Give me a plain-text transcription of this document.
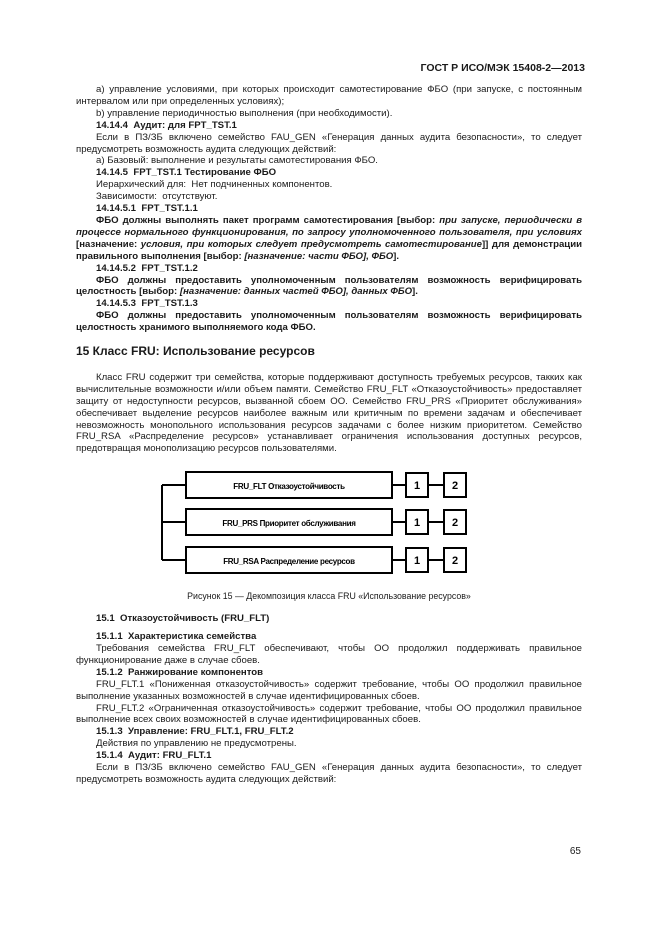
ГОСТ Р ИСО/МЭК 15408-2—2013

a) управление условиями, при которых происходит самотестирование ФБО (при запуске, с постоянным интервалом или при определенных условиях);

b) управление периодичностью выполнения (при необходимости).

14.14.4  Аудит: для FPT_TST.1

Если в ПЗ/ЗБ включено семейство FAU_GEN «Генерация данных аудита безопасности», то следует предусмотреть возможность аудита следующих действий:

a) Базовый: выполнение и результаты самотестирования ФБО.

14.14.5  FPT_TST.1 Тестирование ФБО

Иерархический для:  Нет подчиненных компонентов.

Зависимости:  отсутствуют.

14.14.5.1  FPT_TST.1.1

ФБО должны выполнять пакет программ самотестирования [выбор: при запуске, периодически в процессе нормального функционирования, по запросу уполномоченного пользователя, при условиях [назначение: условия, при которых следует предусмотреть самотестирование]] для демонстрации правильного выполнения [выбор: [назначение: части ФБО], ФБО].

14.14.5.2  FPT_TST.1.2

ФБО должны предоставить уполномоченным пользователям возможность верифицировать целостность [выбор: [назначение: данных частей ФБО], данных ФБО].

14.14.5.3  FPT_TST.1.3

ФБО должны предоставить уполномоченным пользователям возможность верифицировать целостность хранимого выполняемого кода ФБО.

15 Класс FRU: Использование ресурсов

Класс FRU содержит три семейства, которые поддерживают доступность требуемых ресурсов, такких как вычислительные возможности и/или объем памяти. Семейство FRU_FLT «Отказоустойчивость» предоставляет защиту от недоступности ресурсов, вызванной сбоем ОО. Семейство FRU_PRS «Приоритет обслуживания» обеспечивает выделение ресурсов наиболее важным или критичным по времени задачам и обеспечивает невозможность монопольного использования ресурсов задачами с более низким приоритетом. Семейство FRU_RSA «Распределение ресурсов» устанавливает ограничения использования доступных ресурсов, предотвращая монополизацию ресурсов пользователями.

FRU_FLT Отказоустойчивость	1	2
FRU_PRS Приоритет обслуживания	1	2
FRU_RSA Распределение ресурсов	1	2

Рисунок 15 — Декомпозиция класса FRU «Использование ресурсов»

15.1  Отказоустойчивость (FRU_FLT)

15.1.1  Характеристика семейства

Требования семейства FRU_FLT обеспечивают, чтобы ОО продолжил поддерживать правильное функционирование даже в случае сбоев.

15.1.2  Ранжирование компонентов

FRU_FLT.1 «Пониженная отказоустойчивость» содержит требование, чтобы ОО продолжил правильное выполнение указанных возможностей в случае идентифицированных сбоев.

FRU_FLT.2 «Ограниченная отказоустойчивость» содержит требование, чтобы ОО продолжил правильное выполнение всех своих возможностей в случае идентифицированных сбоев.

15.1.3  Управление: FRU_FLT.1, FRU_FLT.2

Действия по управлению не предусмотрены.

15.1.4  Аудит: FRU_FLT.1

Если в ПЗ/ЗБ включено семейство FAU_GEN «Генерация данных аудита безопасности», то следует предусмотреть возможность аудита следующих действий:

65
